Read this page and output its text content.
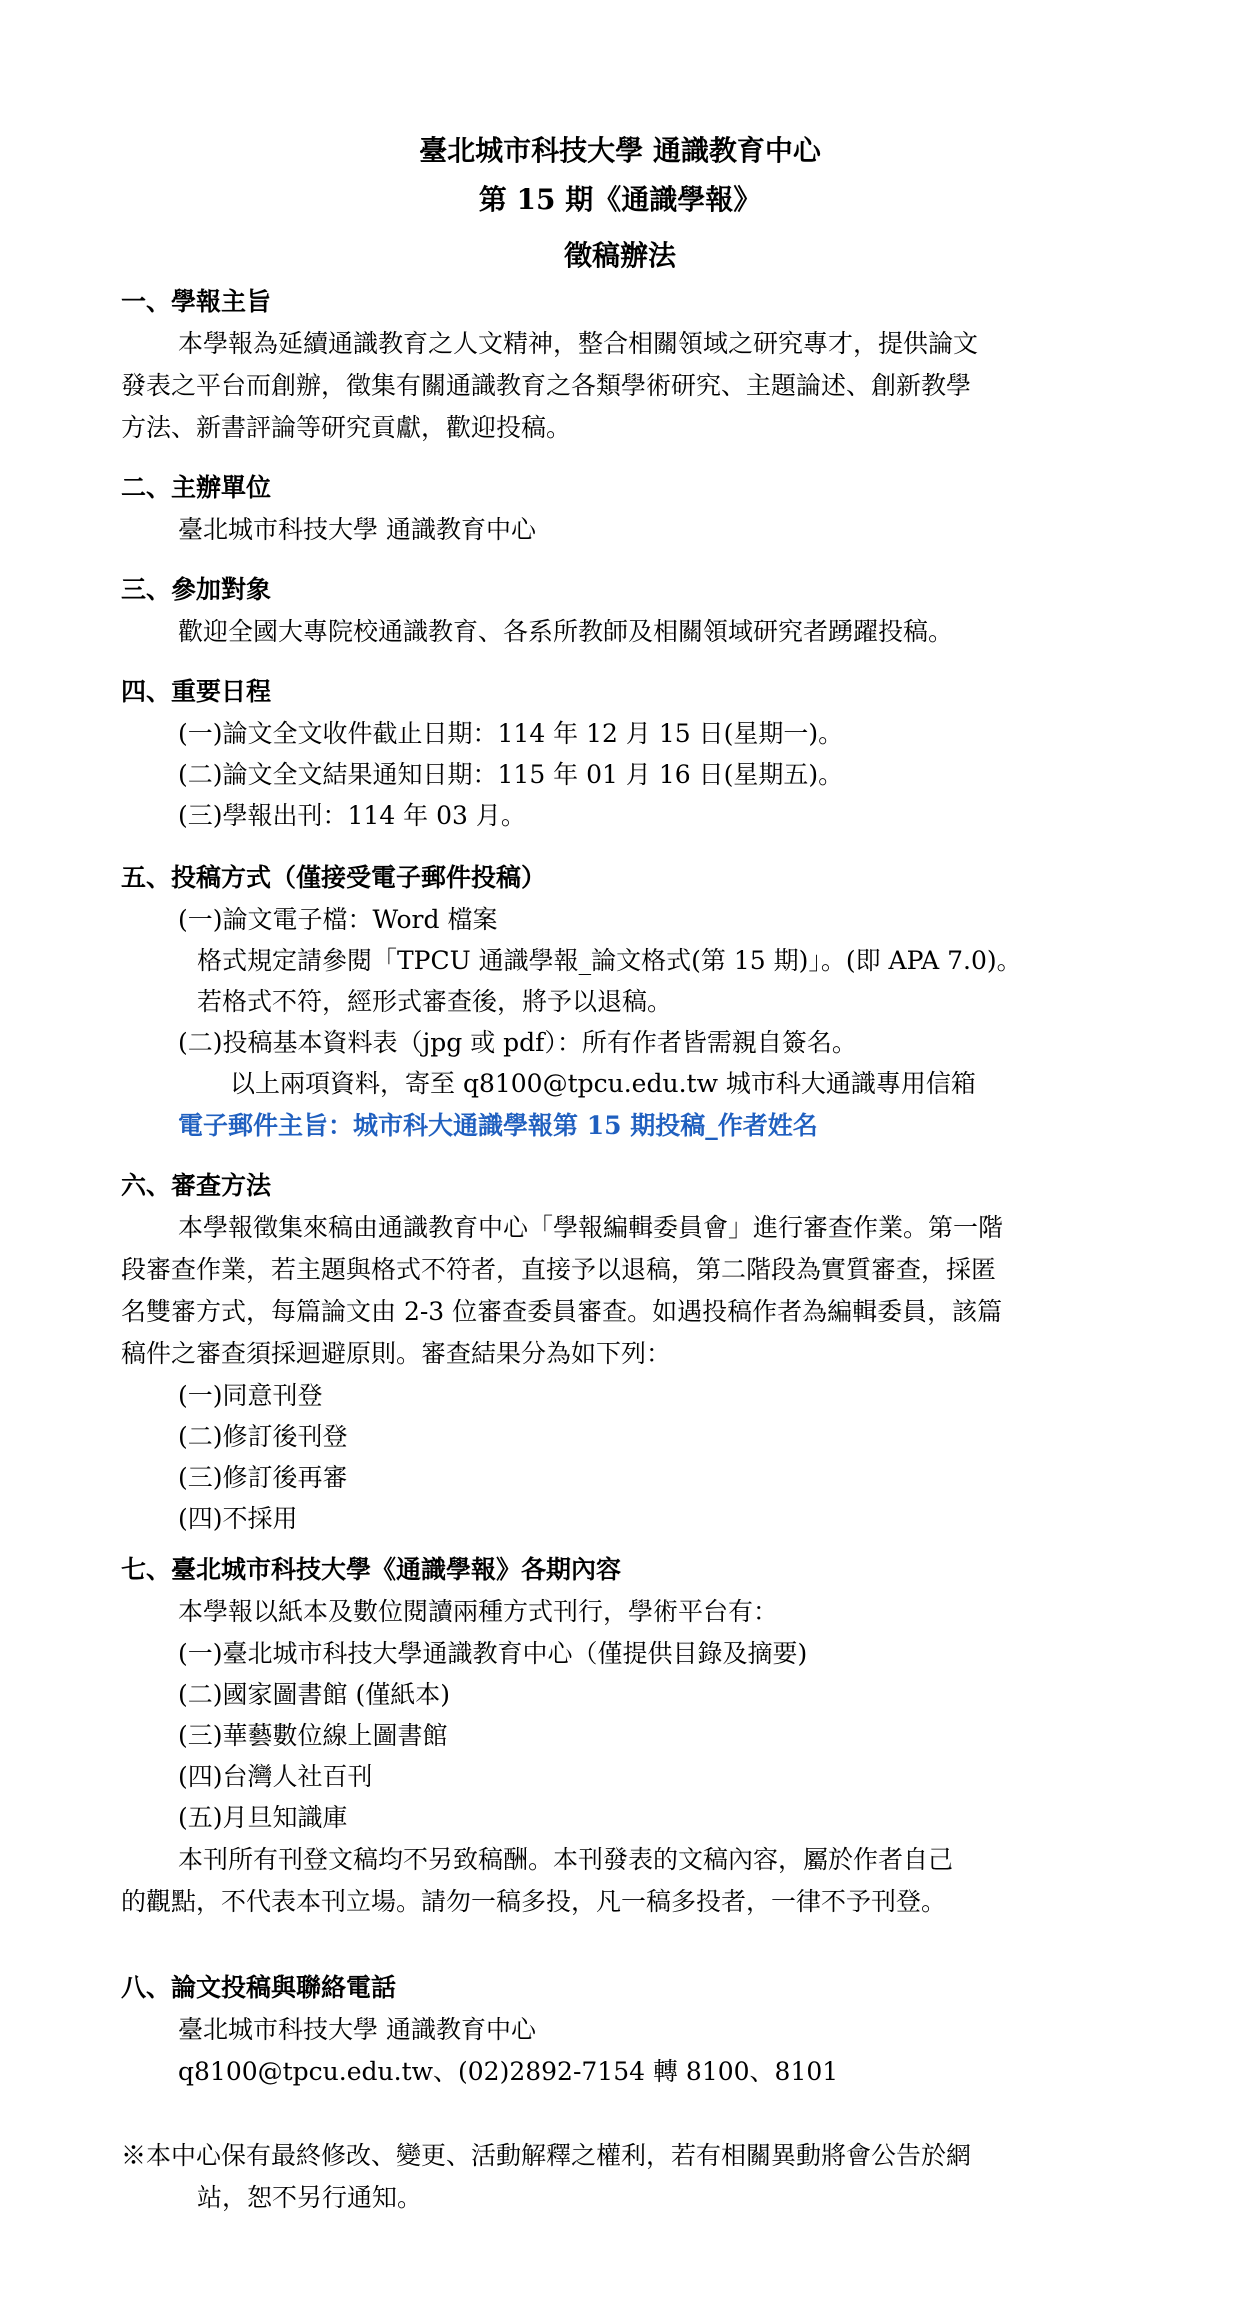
臺北城市科技大學 通識教育中心
第 15 期《通識學報》
徵稿辦法
一、學報主旨
本學報為延續通識教育之人文精神，整合相關領域之研究專才，提供論文
發表之平台而創辦，徵集有關通識教育之各類學術研究、主題論述、創新教學
方法、新書評論等研究貢獻，歡迎投稿。
二、主辦單位
臺北城市科技大學 通識教育中心
三、參加對象
歡迎全國大專院校通識教育、各系所教師及相關領域研究者踴躍投稿。
四、重要日程
(一)論文全文收件截止日期：114 年 12 月 15 日(星期一)。
(二)論文全文結果通知日期：115 年 01 月 16 日(星期五)。
(三)學報出刊：114 年 03 月。
五、投稿方式（僅接受電子郵件投稿）
(一)論文電子檔：Word 檔案
格式規定請參閱「TPCU 通識學報_論文格式(第 15 期)」。(即 APA 7.0)。
若格式不符，經形式審查後，將予以退稿。
(二)投稿基本資料表（jpg 或 pdf）：所有作者皆需親自簽名。
以上兩項資料，寄至 q8100@tpcu.edu.tw 城市科大通識專用信箱
電子郵件主旨：城市科大通識學報第 15 期投稿_作者姓名
六、審查方法
本學報徵集來稿由通識教育中心「學報編輯委員會」進行審查作業。第一階
段審查作業，若主題與格式不符者，直接予以退稿，第二階段為實質審查，採匿
名雙審方式，每篇論文由 2-3 位審查委員審查。如遇投稿作者為編輯委員，該篇
稿件之審查須採迴避原則。審查結果分為如下列：
(一)同意刊登
(二)修訂後刊登
(三)修訂後再審
(四)不採用
七、臺北城市科技大學《通識學報》各期內容
本學報以紙本及數位閱讀兩種方式刊行，學術平台有：
(一)臺北城市科技大學通識教育中心（僅提供目錄及摘要)
(二)國家圖書館 (僅紙本)
(三)華藝數位線上圖書館
(四)台灣人社百刊
(五)月旦知識庫
本刊所有刊登文稿均不另致稿酬。本刊發表的文稿內容，屬於作者自己
的觀點，不代表本刊立場。請勿一稿多投，凡一稿多投者，一律不予刊登。
八、論文投稿與聯絡電話
臺北城市科技大學 通識教育中心
q8100@tpcu.edu.tw、(02)2892-7154 轉 8100、8101
※本中心保有最終修改、變更、活動解釋之權利，若有相關異動將會公告於網
站，恕不另行通知。
